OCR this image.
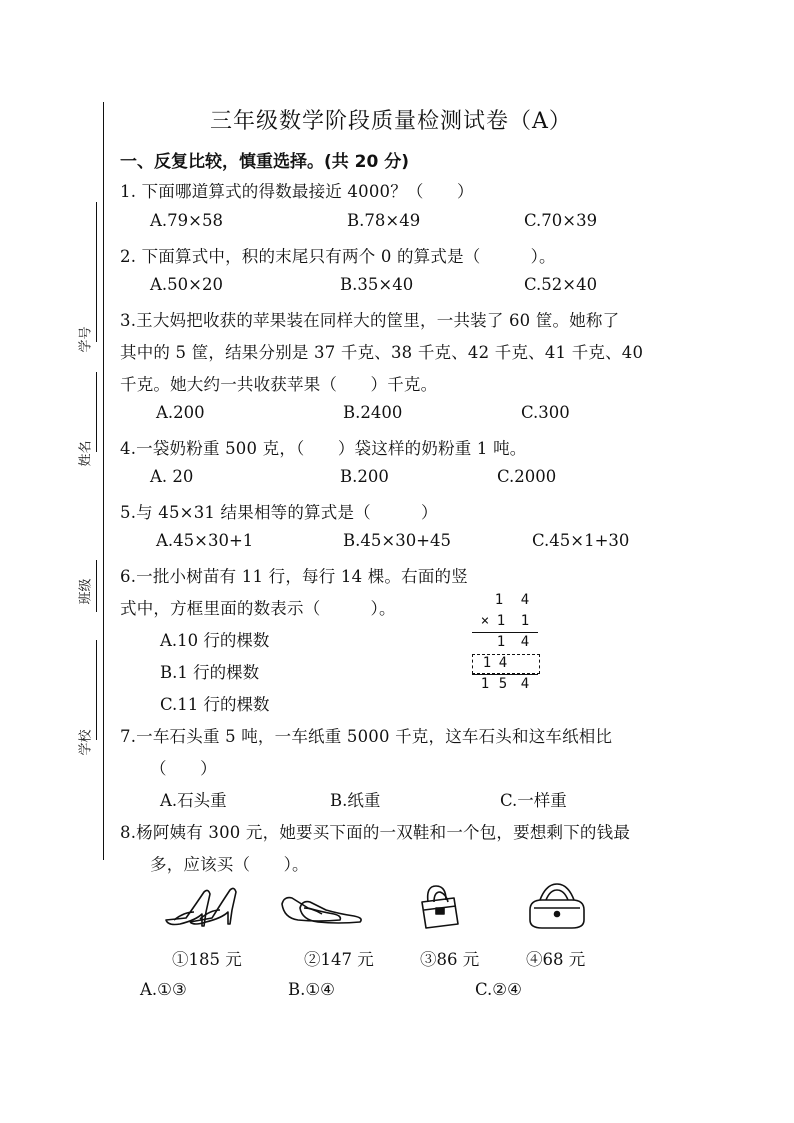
学号
姓名
班级
学校
三年级数学阶段质量检测试卷（A）
一、反复比较，慎重选择。(共 20 分)
1. 下面哪道算式的得数最接近 4000？（　　）
A.79×58	B.78×49	C.70×39
2. 下面算式中，积的末尾只有两个 0 的算式是（　　　）。
A.50×20	B.35×40	C.52×40
3.王大妈把收获的苹果装在同样大的筐里，一共装了 60 筐。她称了
其中的 5 筐，结果分别是 37 千克、38 千克、42 千克、41 千克、40
千克。她大约一共收获苹果（　　）千克。
A.200	B.2400	C.300
4.一袋奶粉重 500 克，（　　）袋这样的奶粉重 1 吨。
A. 20	B.200	C.2000
5.与 45×31 结果相等的算式是（　　　）
A.45×30+1	B.45×30+45	C.45×1+30
6.一批小树苗有 11 行，每行 14 棵。右面的竖
式中，方框里面的数表示（　　　）。
A.10 行的棵数
B.1 行的棵数
C.11 行的棵数
1 4
× 1 1
1 4
1 4
1 5 4
7.一车石头重 5 吨，一车纸重 5000 千克，这车石头和这车纸相比
（　　）
A.石头重	B.纸重	C.一样重
8.杨阿姨有 300 元，她要买下面的一双鞋和一个包，要想剩下的钱最
多，应该买（　　）。
①185 元	②147 元	③86 元	④68 元
A.①③	B.①④	C.②④
